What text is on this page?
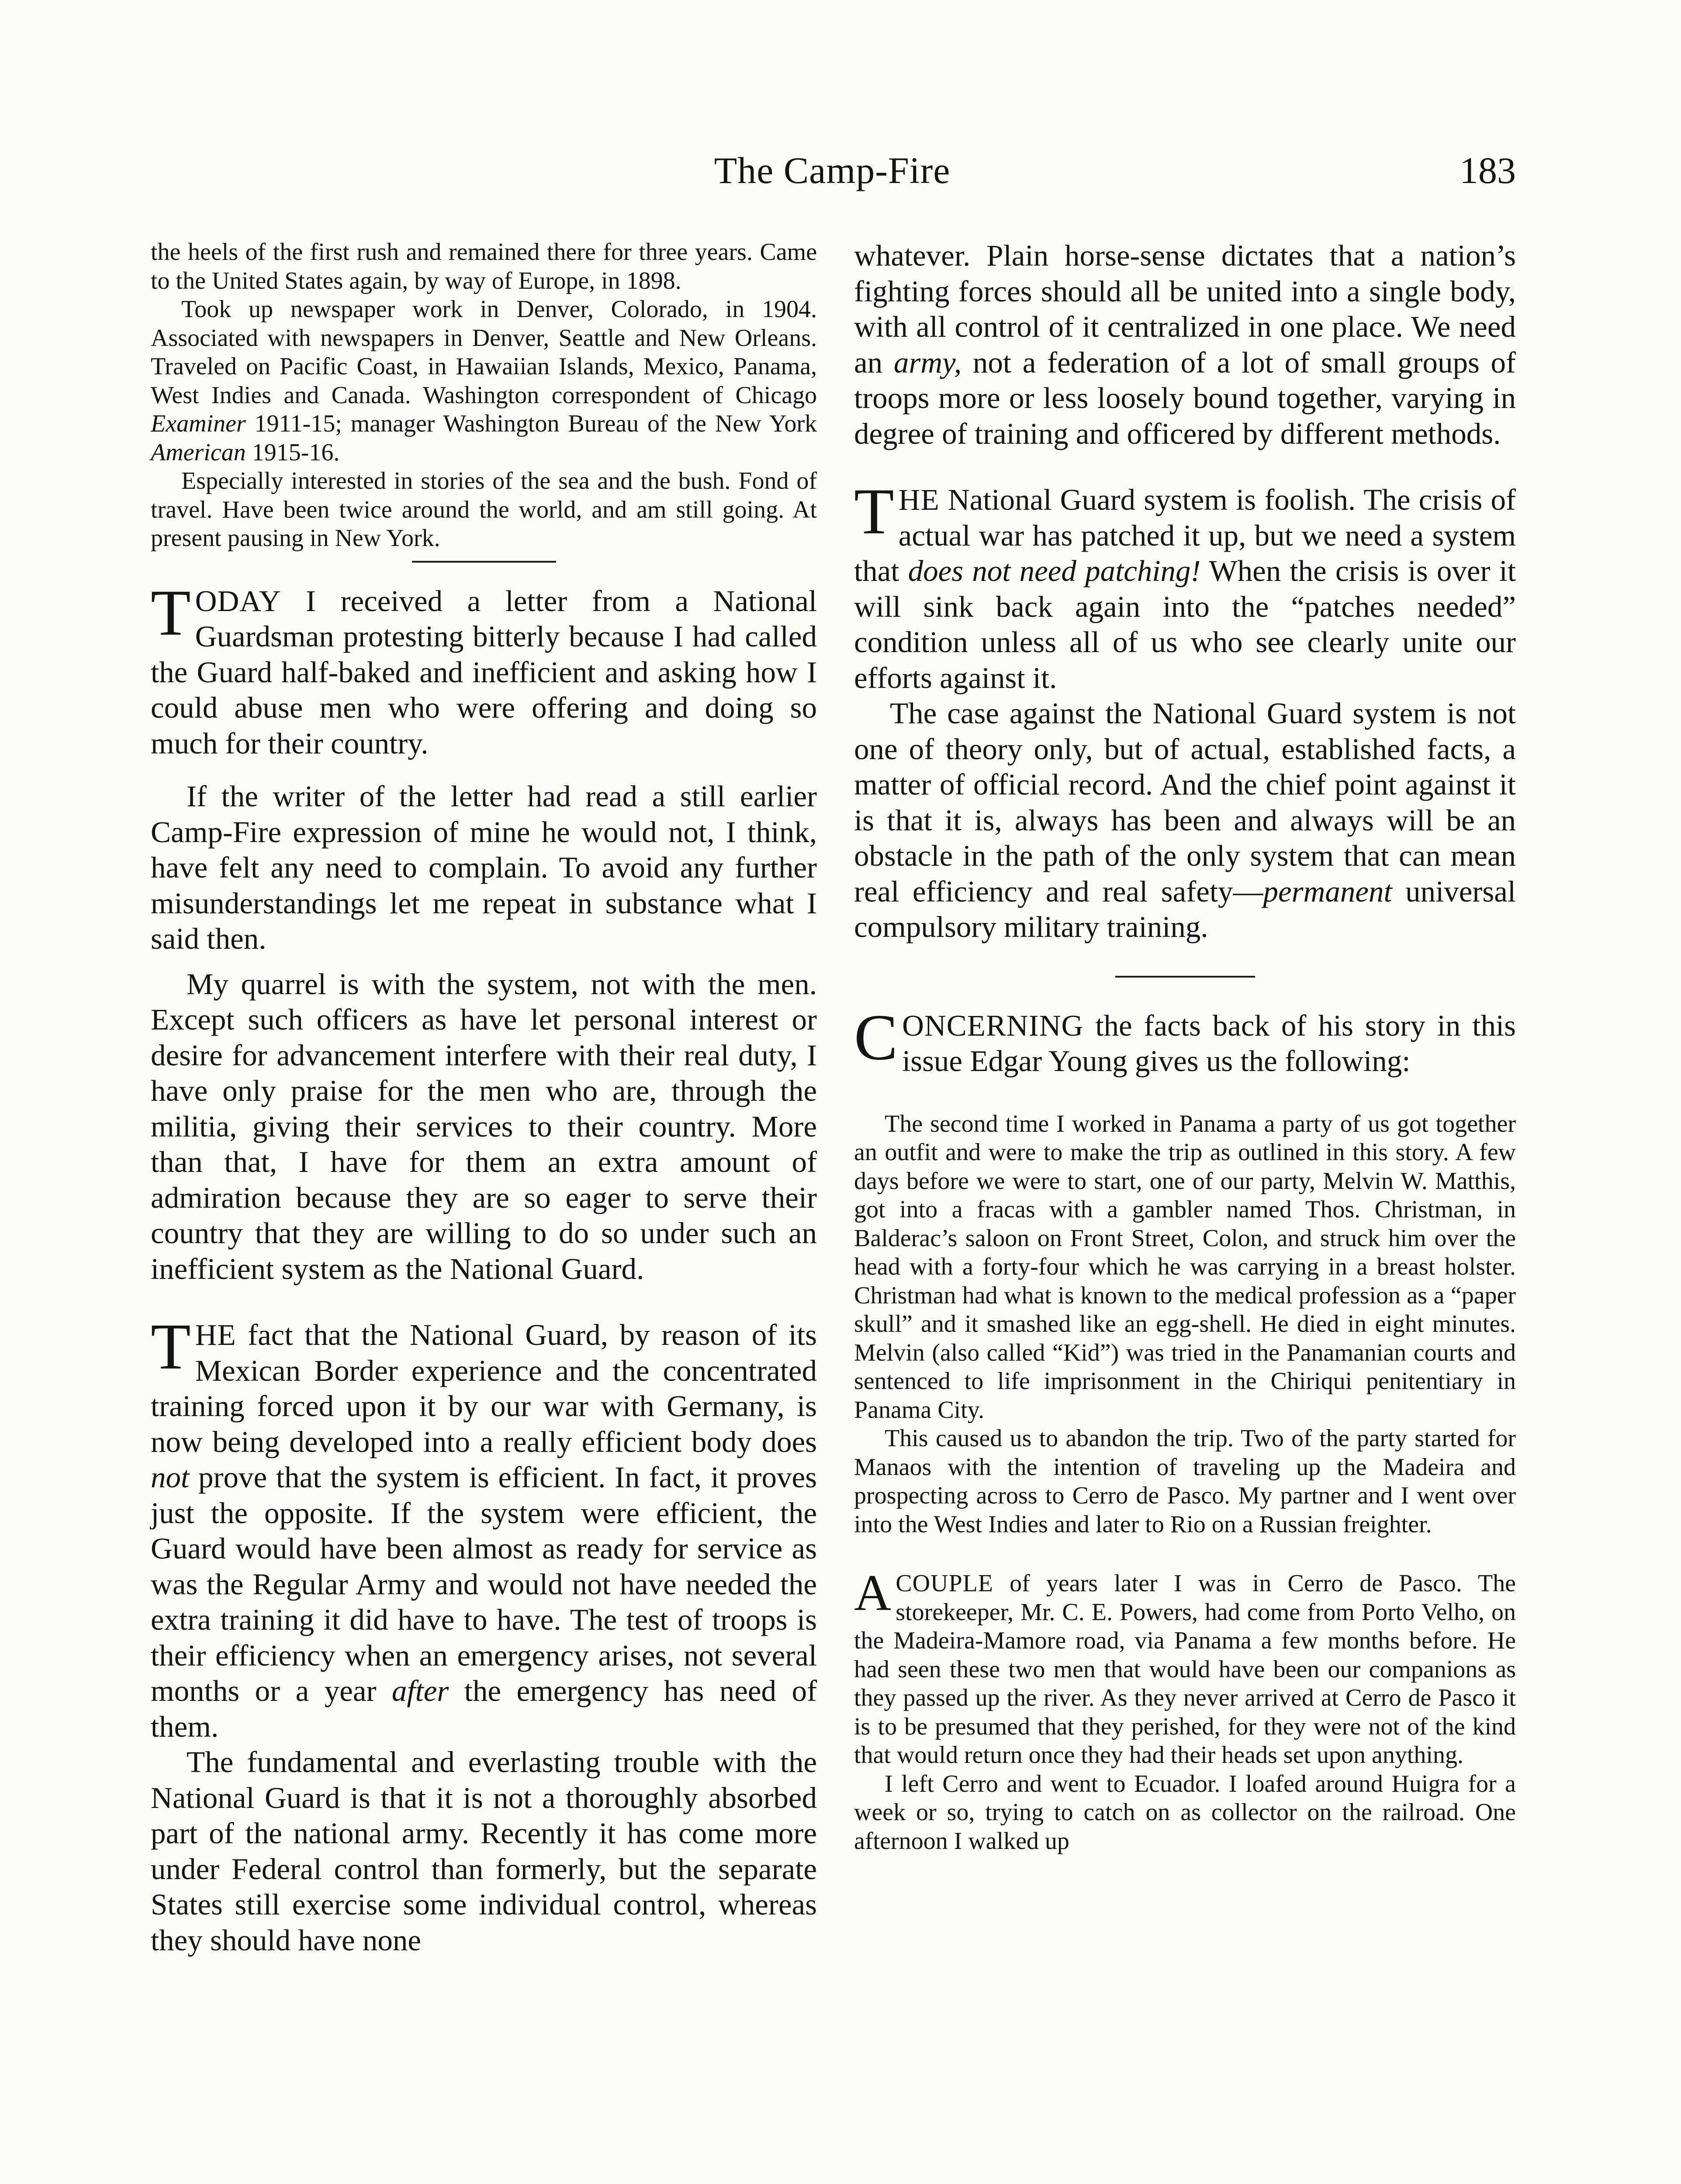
The Camp-Fire	183

the heels of the first rush and remained there for three years. Came to the United States again, by way of Europe, in 1898.

Took up newspaper work in Denver, Colorado, in 1904. Associated with newspapers in Denver, Seattle and New Orleans. Traveled on Pacific Coast, in Hawaiian Islands, Mexico, Panama, West Indies and Canada. Washington correspondent of Chicago Examiner 1911-15; manager Washington Bureau of the New York American 1915-16.

Especially interested in stories of the sea and the bush. Fond of travel. Have been twice around the world, and am still going. At present pausing in New York.

TODAY I received a letter from a National Guardsman protesting bitterly because I had called the Guard half-baked and inefficient and asking how I could abuse men who were offering and doing so much for their country.

If the writer of the letter had read a still earlier Camp-Fire expression of mine he would not, I think, have felt any need to complain. To avoid any further misunderstandings let me repeat in substance what I said then.

My quarrel is with the system, not with the men. Except such officers as have let personal interest or desire for advancement interfere with their real duty, I have only praise for the men who are, through the militia, giving their services to their country. More than that, I have for them an extra amount of admiration because they are so eager to serve their country that they are willing to do so under such an inefficient system as the National Guard.

THE fact that the National Guard, by reason of its Mexican Border experience and the concentrated training forced upon it by our war with Germany, is now being developed into a really efficient body does not prove that the system is efficient. In fact, it proves just the opposite. If the system were efficient, the Guard would have been almost as ready for service as was the Regular Army and would not have needed the extra training it did have to have. The test of troops is their efficiency when an emergency arises, not several months or a year after the emergency has need of them.

The fundamental and everlasting trouble with the National Guard is that it is not a thoroughly absorbed part of the national army. Recently it has come more under Federal control than formerly, but the separate States still exercise some individual control, whereas they should have none

whatever. Plain horse-sense dictates that a nation’s fighting forces should all be united into a single body, with all control of it centralized in one place. We need an army, not a federation of a lot of small groups of troops more or less loosely bound together, varying in degree of training and officered by different methods.

THE National Guard system is foolish. The crisis of actual war has patched it up, but we need a system that does not need patching! When the crisis is over it will sink back again into the “patches needed” condition unless all of us who see clearly unite our efforts against it.

The case against the National Guard system is not one of theory only, but of actual, established facts, a matter of official record. And the chief point against it is that it is, always has been and always will be an obstacle in the path of the only system that can mean real efficiency and real safety—permanent universal compulsory military training.

CONCERNING the facts back of his story in this issue Edgar Young gives us the following:

The second time I worked in Panama a party of us got together an outfit and were to make the trip as outlined in this story. A few days before we were to start, one of our party, Melvin W. Matthis, got into a fracas with a gambler named Thos. Christman, in Balderac’s saloon on Front Street, Colon, and struck him over the head with a forty-four which he was carrying in a breast holster. Christman had what is known to the medical profession as a “paper skull” and it smashed like an egg-shell. He died in eight minutes. Melvin (also called “Kid”) was tried in the Panamanian courts and sentenced to life imprisonment in the Chiriqui penitentiary in Panama City.

This caused us to abandon the trip. Two of the party started for Manaos with the intention of traveling up the Madeira and prospecting across to Cerro de Pasco. My partner and I went over into the West Indies and later to Rio on a Russian freighter.

ACOUPLE of years later I was in Cerro de Pasco. The storekeeper, Mr. C. E. Powers, had come from Porto Velho, on the Madeira-Mamore road, via Panama a few months before. He had seen these two men that would have been our companions as they passed up the river. As they never arrived at Cerro de Pasco it is to be presumed that they perished, for they were not of the kind that would return once they had their heads set upon anything.

I left Cerro and went to Ecuador. I loafed around Huigra for a week or so, trying to catch on as collector on the railroad. One afternoon I walked up
